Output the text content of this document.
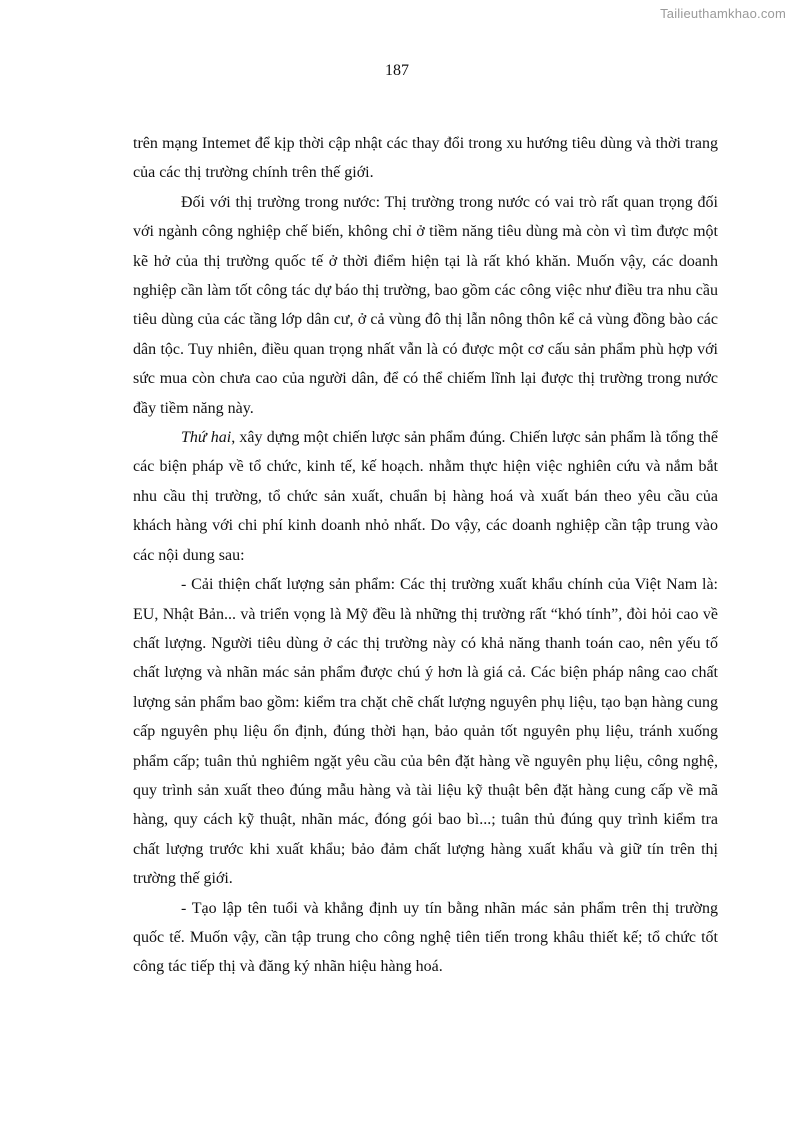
Tailieuthamkhao.com
187

trên mạng Intemet để kịp thời cập nhật các thay đổi trong xu hướng tiêu dùng và thời trang của các thị trường chính trên thế giới.

Đối với thị trường trong nước: Thị trường trong nước có vai trò rất quan trọng đối với ngành công nghiệp chế biến, không chỉ ở tiềm năng tiêu dùng mà còn vì tìm được một kẽ hở của thị trường quốc tế ở thời điểm hiện tại là rất khó khăn. Muốn vậy, các doanh nghiệp cần làm tốt công tác dự báo thị trường, bao gồm các công việc như điều tra nhu cầu tiêu dùng của các tầng lớp dân cư, ở cả vùng đô thị lẫn nông thôn kể cả vùng đồng bào các dân tộc. Tuy nhiên, điều quan trọng nhất vẫn là có được một cơ cấu sản phẩm phù hợp với sức mua còn chưa cao của người dân, để có thể chiếm lĩnh lại được thị trường trong nước đầy tiềm năng này.

Thứ hai, xây dựng một chiến lược sản phẩm đúng. Chiến lược sản phẩm là tổng thể các biện pháp về tổ chức, kinh tế, kế hoạch. nhằm thực hiện việc nghiên cứu và nắm bắt nhu cầu thị trường, tổ chức sản xuất, chuẩn bị hàng hoá và xuất bán theo yêu cầu của khách hàng với chi phí kinh doanh nhỏ nhất. Do vậy, các doanh nghiệp cần tập trung vào các nội dung sau:

- Cải thiện chất lượng sản phẩm: Các thị trường xuất khẩu chính của Việt Nam là: EU, Nhật Bản... và triển vọng là Mỹ đều là những thị trường rất “khó tính”, đòi hỏi cao về chất lượng. Người tiêu dùng ở các thị trường này có khả năng thanh toán cao, nên yếu tố chất lượng và nhãn mác sản phẩm được chú ý hơn là giá cả. Các biện pháp nâng cao chất lượng sản phẩm bao gồm: kiểm tra chặt chẽ chất lượng nguyên phụ liệu, tạo bạn hàng cung cấp nguyên phụ liệu ổn định, đúng thời hạn, bảo quản tốt nguyên phụ liệu, tránh xuống phẩm cấp; tuân thủ nghiêm ngặt yêu cầu của bên đặt hàng về nguyên phụ liệu, công nghệ, quy trình sản xuất theo đúng mẫu hàng và tài liệu kỹ thuật bên đặt hàng cung cấp về mã hàng, quy cách kỹ thuật, nhãn mác, đóng gói bao bì...; tuân thủ đúng quy trình kiểm tra chất lượng trước khi xuất khẩu; bảo đảm chất lượng hàng xuất khẩu và giữ tín trên thị trường thế giới.

- Tạo lập tên tuổi và khẳng định uy tín bằng nhãn mác sản phẩm trên thị trường quốc tế. Muốn vậy, cần tập trung cho công nghệ tiên tiến trong khâu thiết kế; tổ chức tốt công tác tiếp thị và đăng ký nhãn hiệu hàng hoá.
